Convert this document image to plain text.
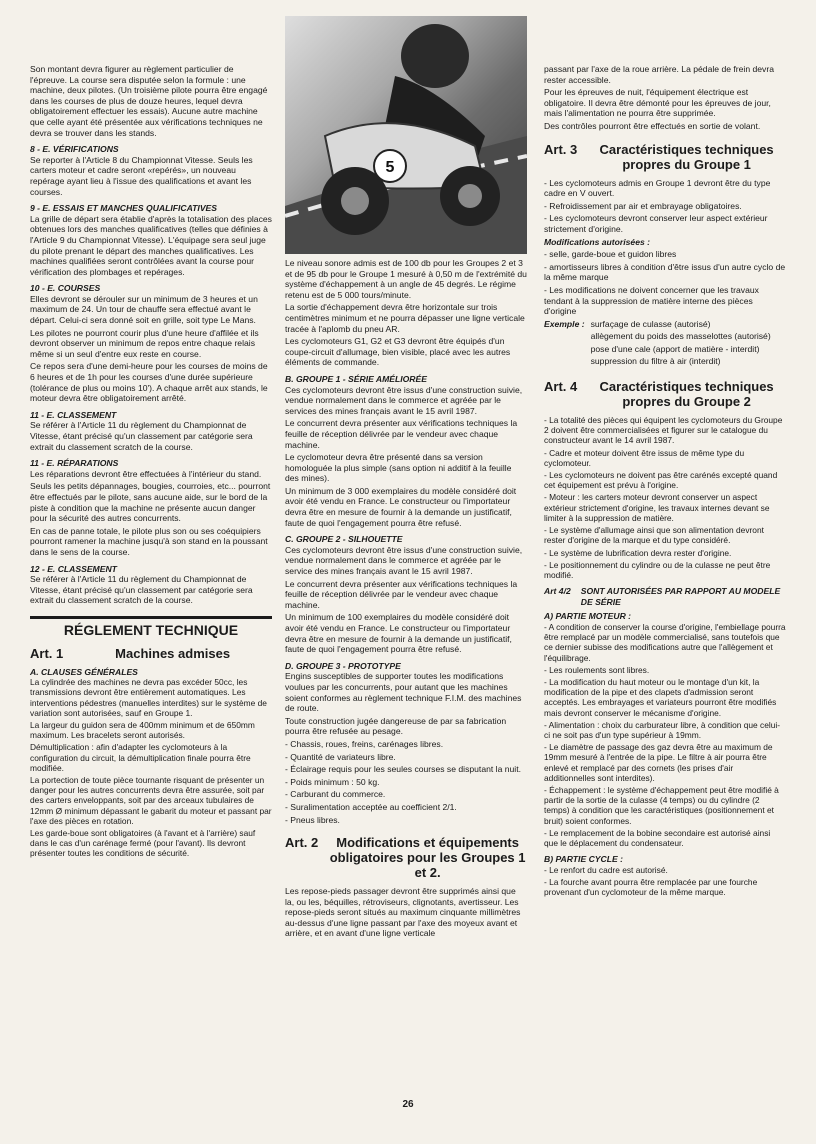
5

Son montant devra figurer au règlement particulier de l'épreuve. La course sera disputée selon la formule : une machine, deux pilotes. (Un troisième pilote pourra être engagé dans les courses de plus de douze heures, lequel devra obligatoirement effectuer les essais). Aucune autre machine que celle ayant été présentée aux vérifications techniques ne devra se trouver dans les stands.

8 - E. VÉRIFICATIONS

Se reporter à l'Article 8 du Championnat Vitesse. Seuls les carters moteur et cadre seront «repérés», un nouveau repérage ayant lieu à l'issue des qualifications et avant les courses.

9 - E. ESSAIS ET MANCHES QUALIFICATIVES

La grille de départ sera établie d'après la totalisation des places obtenues lors des manches qualificatives (telles que définies à l'Article 9 du Championnat Vitesse). L'équipage sera seul juge du pilote prenant le départ des manches qualificatives. Les machines qualifiées seront contrôlées avant la course pour vérification des plombages et repérages.

10 - E. COURSES

Elles devront se dérouler sur un minimum de 3 heures et un maximum de 24. Un tour de chauffe sera effectué avant le départ. Celui-ci sera donné soit en grille, soit type Le Mans.

Les pilotes ne pourront courir plus d'une heure d'affilée et ils devront observer un minimum de repos entre chaque relais même si un seul d'entre eux reste en course.

Ce repos sera d'une demi-heure pour les courses de moins de 6 heures et de 1h pour les courses d'une durée supérieure (tolérance de plus ou moins 10'). A chaque arrêt aux stands, le moteur devra être obligatoirement arrêté.

11 - E. CLASSEMENT

Se référer à l'Article 11 du règlement du Championnat de Vitesse, étant précisé qu'un classement par catégorie sera extrait du classement scratch de la course.

11 - E. RÉPARATIONS

Les réparations devront être effectuées à l'intérieur du stand.

Seuls les petits dépannages, bougies, courroies, etc... pourront être effectués par le pilote, sans aucune aide, sur le bord de la piste à condition que la machine ne présente aucun danger pour la sécurité des autres concurrents.

En cas de panne totale, le pilote plus son ou ses coéquipiers pourront ramener la machine jusqu'à son stand en la poussant dans le sens de la course.

12 - E. CLASSEMENT

Se référer à l'Article 11 du règlement du Championnat de Vitesse, étant précisé qu'un classement par catégorie sera extrait du classement scratch de la course.

RÉGLEMENT TECHNIQUE
Art. 1	Machines admises

A. CLAUSES GÉNÉRALES

La cylindrée des machines ne devra pas excéder 50cc, les transmissions devront être entièrement automatiques. Les interventions pédestres (manuelles interdites) sur le système de variation sont autorisées, sauf en Groupe 1.

La largeur du guidon sera de 400mm minimum et de 650mm maximum. Les bracelets seront autorisés.

Démultiplication : afin d'adapter les cyclomoteurs à la configuration du circuit, la démultiplication finale pourra être modifiée.

La portection de toute pièce tournante risquant de présenter un danger pour les autres concurrents devra être assurée, soit par des carters enveloppants, soit par des arceaux tubulaires de 12mm Ø minimum dépassant le gabarit du moteur et passant par l'axe des pièces en rotation.

Les garde-boue sont obligatoires (à l'avant et à l'arrière) sauf dans le cas d'un carénage fermé (pour l'avant). Ils devront présenter toutes les conditions de sécurité.

Le niveau sonore admis est de 100 db pour les Groupes 2 et 3 et de 95 db pour le Groupe 1 mesuré à 0,50 m de l'extrémité du système d'échappement à un angle de 45 degrés. Le régime retenu est de 5 000 tours/minute.

La sortie d'échappement devra être horizontale sur trois centimètres minimum et ne pourra dépasser une ligne verticale tracée à l'aplomb du pneu AR.

Les cyclomoteurs G1, G2 et G3 devront être équipés d'un coupe-circuit d'allumage, bien visible, placé avec les autres éléments de commande.

B. GROUPE 1 - SÉRIE AMÉLIORÉE

Ces cyclomoteurs devront être issus d'une construction suivie, vendue normalement dans le commerce et agréée par le services des mines français avant le 15 avril 1987.

Le concurrent devra présenter aux vérifications techniques la feuille de réception délivrée par le vendeur avec chaque machine.

Le cyclomoteur devra être présenté dans sa version homologuée la plus simple (sans option ni additif à la feuille des mines).

Un minimum de 3 000 exemplaires du modèle considéré doit avoir été vendu en France. Le constructeur ou l'importateur devra être en mesure de fournir à la demande un justificatif, faute de quoi l'engagement pourra être refusé.

C. GROUPE 2 - SILHOUETTE

Ces cyclomoteurs devront être issus d'une construction suivie, vendue normalement dans le commerce et agréée par le service des mines français avant le 15 avril 1987.

Le concurrent devra présenter aux vérifications techniques la feuille de réception délivrée par le vendeur avec chaque machine.

Un minimum de 100 exemplaires du modèle considéré doit avoir été vendu en France. Le constructeur ou l'importateur devra être en mesure de fournir à la demande un justificatif, faute de quoi l'engagement pourra être refusé.

D. GROUPE 3 - PROTOTYPE

Engins susceptibles de supporter toutes les modifications voulues par les concurrents, pour autant que les machines soient conformes au règlement technique F.I.M. des machines de route.

Toute construction jugée dangereuse de par sa fabrication pourra être refusée au pesage.

- Chassis, roues, freins, carénages libres.

- Quantité de variateurs libre.

- Éclairage requis pour les seules courses se disputant la nuit.

- Poids minimum : 50 kg.

- Carburant du commerce.

- Suralimentation acceptée au coefficient 2/1.

- Pneus libres.

Art. 2	Modifications et équipements obligatoires pour les Groupes 1 et 2.

Les repose-pieds passager devront être supprimés ainsi que la, ou les, béquilles, rétroviseurs, clignotants, avertisseur. Les repose-pieds seront situés au maximum cinquante millimètres au-dessus d'une ligne passant par l'axe des moyeux avant et arrière, et en avant d'une ligne verticale

passant par l'axe de la roue arrière. La pédale de frein devra rester accessible.

Pour les épreuves de nuit, l'équipement électrique est obligatoire. Il devra être démonté pour les épreuves de jour, mais l'alimentation ne pourra être supprimée.

Des contrôles pourront être effectués en sortie de volant.

Art. 3	Caractéristiques techniques propres du Groupe 1

- Les cyclomoteurs admis en Groupe 1 devront être du type cadre en V ouvert.

- Refroidissement par air et embrayage obligatoires.

- Les cyclomoteurs devront conserver leur aspect extérieur strictement d'origine.

Modifications autorisées :

- selle, garde-boue et guidon libres

- amortisseurs libres à condition d'être issus d'un autre cyclo de la même marque

- Les modifications ne doivent concerner que les travaux tendant à la suppression de matière interne des pièces d'origine

Exemple : surfaçage de culasse (autorisé)

allègement du poids des masselottes (autorisé)

pose d'une cale (apport de matière - interdit)

suppression du filtre à air (interdit)

Art. 4	Caractéristiques techniques propres du Groupe 2

- La totalité des pièces qui équipent les cyclomoteurs du Groupe 2 doivent être commercialisées et figurer sur le catalogue du constructeur avant le 14 avril 1987.

- Cadre et moteur doivent être issus de même type du cyclomoteur.

- Les cyclomoteurs ne doivent pas être carénés excepté quand cet équipement est prévu à l'origine.

- Moteur : les carters moteur devront conserver un aspect extérieur strictement d'origine, les travaux internes devant se limiter à la suppression de matière.

- Le système d'allumage ainsi que son alimentation devront rester d'origine de la marque et du type considéré.

- Le système de lubrification devra rester d'origine.

- Le positionnement du cylindre ou de la culasse ne peut être modifié.

Art 4/2 SONT AUTORISÉES PAR RAPPORT AU MODELE DE SÉRIE

A) PARTIE MOTEUR :

- A condition de conserver la course d'origine, l'embiellage pourra être remplacé par un modèle commercialisé, sans toutefois que ce dernier subisse des modifications autre que l'allègement et l'équilibrage.

- Les roulements sont libres.

- La modification du haut moteur ou le montage d'un kit, la modification de la pipe et des clapets d'admission seront acceptés. Les embrayages et variateurs pourront être modifiés mais devront conserver le mécanisme d'origine.

- Alimentation : choix du carburateur libre, à condition que celui-ci ne soit pas d'un type supérieur à 19mm.

- Le diamètre de passage des gaz devra être au maximum de 19mm mesuré à l'entrée de la pipe. Le filtre à air pourra être enlevé et remplacé par des cornets (les prises d'air additionnelles sont interdites).

- Échappement : le système d'échappement peut être modifié à partir de la sortie de la culasse (4 temps) ou du cylindre (2 temps) à condition que les caractéristiques (positionnement et bruit) soient conformes.

- Le remplacement de la bobine secondaire est autorisé ainsi que le déplacement du condensateur.

B) PARTIE CYCLE :

- Le renfort du cadre est autorisé.

- La fourche avant pourra être remplacée par une fourche provenant d'un cyclomoteur de la même marque.

26
